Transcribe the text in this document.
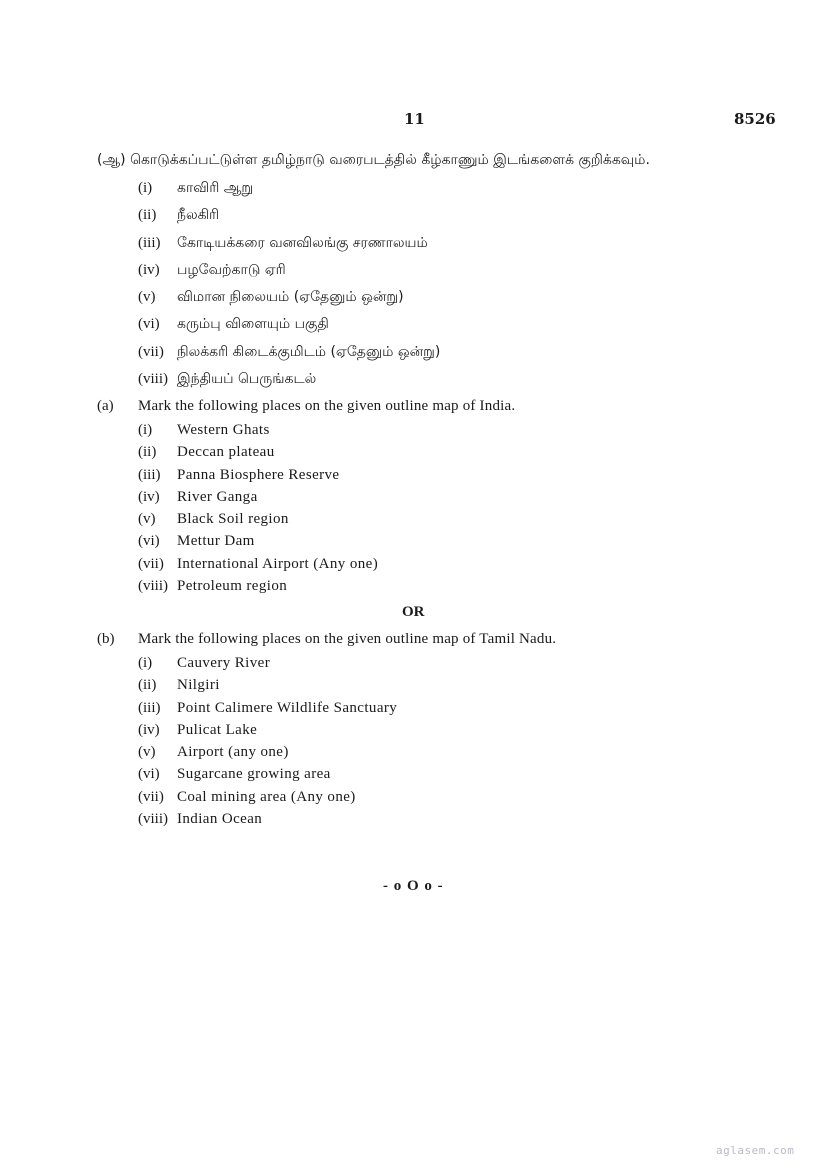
11	8526
(ஆ) கொடுக்கப்பட்டுள்ள தமிழ்நாடு வரைபடத்தில் கீழ்காணும் இடங்களைக் குறிக்கவும்.
(i) காவிரி ஆறு
(ii) நீலகிரி
(iii) கோடியக்கரை வனவிலங்கு சரணாலயம்
(iv) பழவேற்காடு ஏரி
(v) விமான நிலையம் (ஏதேனும் ஒன்று)
(vi) கரும்பு விளையும் பகுதி
(vii) நிலக்கரி கிடைக்குமிடம் (ஏதேனும் ஒன்று)
(viii) இந்தியப் பெருங்கடல்
(a) Mark the following places on the given outline map of India.
(i) Western Ghats
(ii) Deccan plateau
(iii) Panna Biosphere Reserve
(iv) River Ganga
(v) Black Soil region
(vi) Mettur Dam
(vii) International Airport (Any one)
(viii) Petroleum region
OR
(b) Mark the following places on the given outline map of Tamil Nadu.
(i) Cauvery River
(ii) Nilgiri
(iii) Point Calimere Wildlife Sanctuary
(iv) Pulicat Lake
(v) Airport (any one)
(vi) Sugarcane growing area
(vii) Coal mining area (Any one)
(viii) Indian Ocean
- o O o -
aglasem.com
